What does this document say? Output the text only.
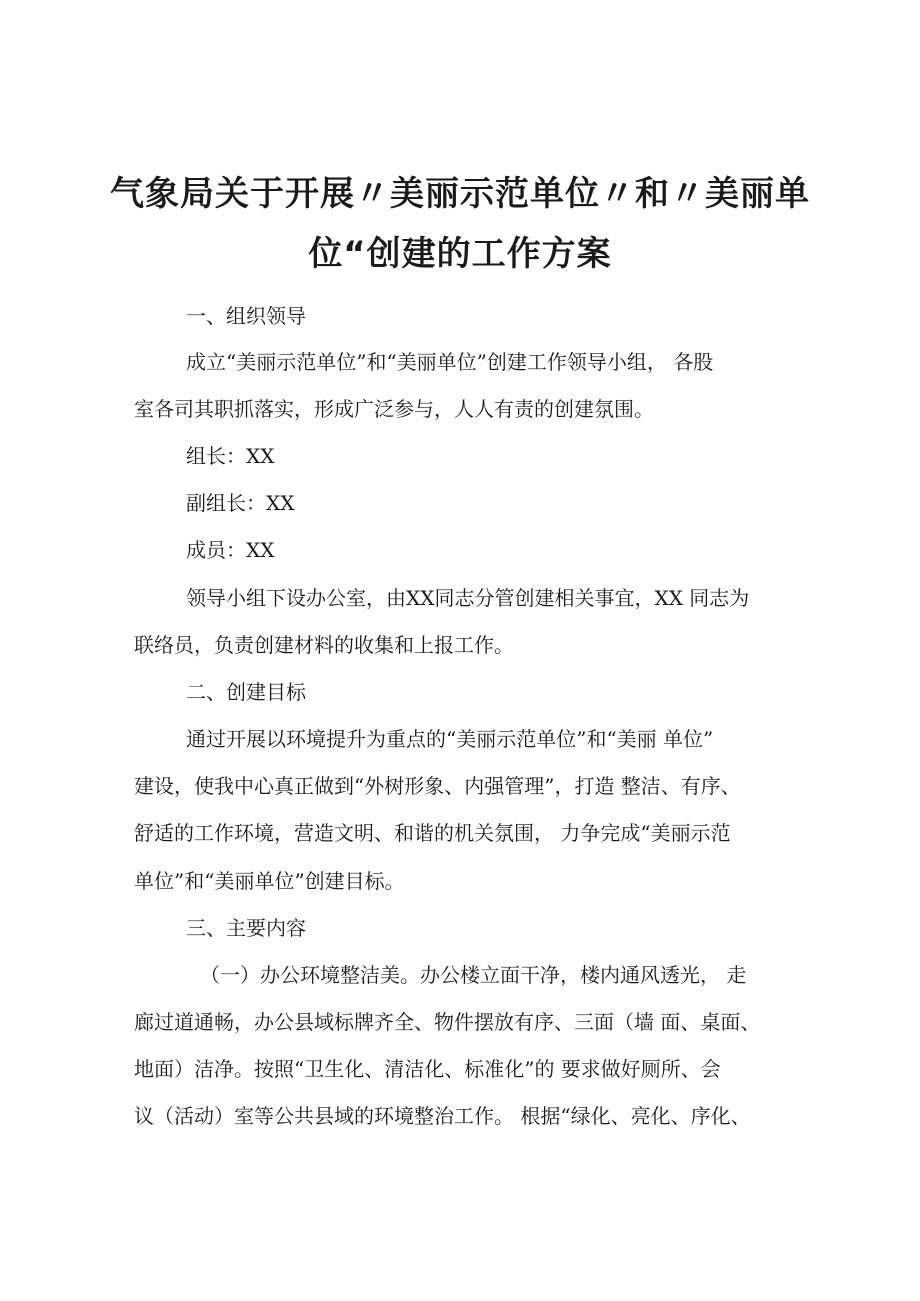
气象局关于开展〃美丽示范单位〃和〃美丽单
位“创建的工作方案

一、组织领导

成立“美丽示范单位”和“美丽单位”创建工作领导小组， 各股

室各司其职抓落实，形成广泛参与，人人有责的创建氛围。

组长：XX

副组长：XX

成员：XX

领导小组下设办公室，由XX同志分管创建相关事宜，XX 同志为

联络员，负责创建材料的收集和上报工作。

二、创建目标

通过开展以环境提升为重点的“美丽示范单位”和“美丽 单位”

建设，使我中心真正做到“外树形象、内强管理”，打造 整洁、有序、

舒适的工作环境，营造文明、和谐的机关氛围， 力争完成“美丽示范

单位”和“美丽单位”创建目标。

三、主要内容

（一）办公环境整洁美。办公楼立面干净，楼内通风透光， 走

廊过道通畅，办公县域标牌齐全、物件摆放有序、三面（墙 面、桌面、

地面）洁净。按照“卫生化、清洁化、标准化”的 要求做好厕所、会

议（活动）室等公共县域的环境整治工作。 根据“绿化、亮化、序化、
